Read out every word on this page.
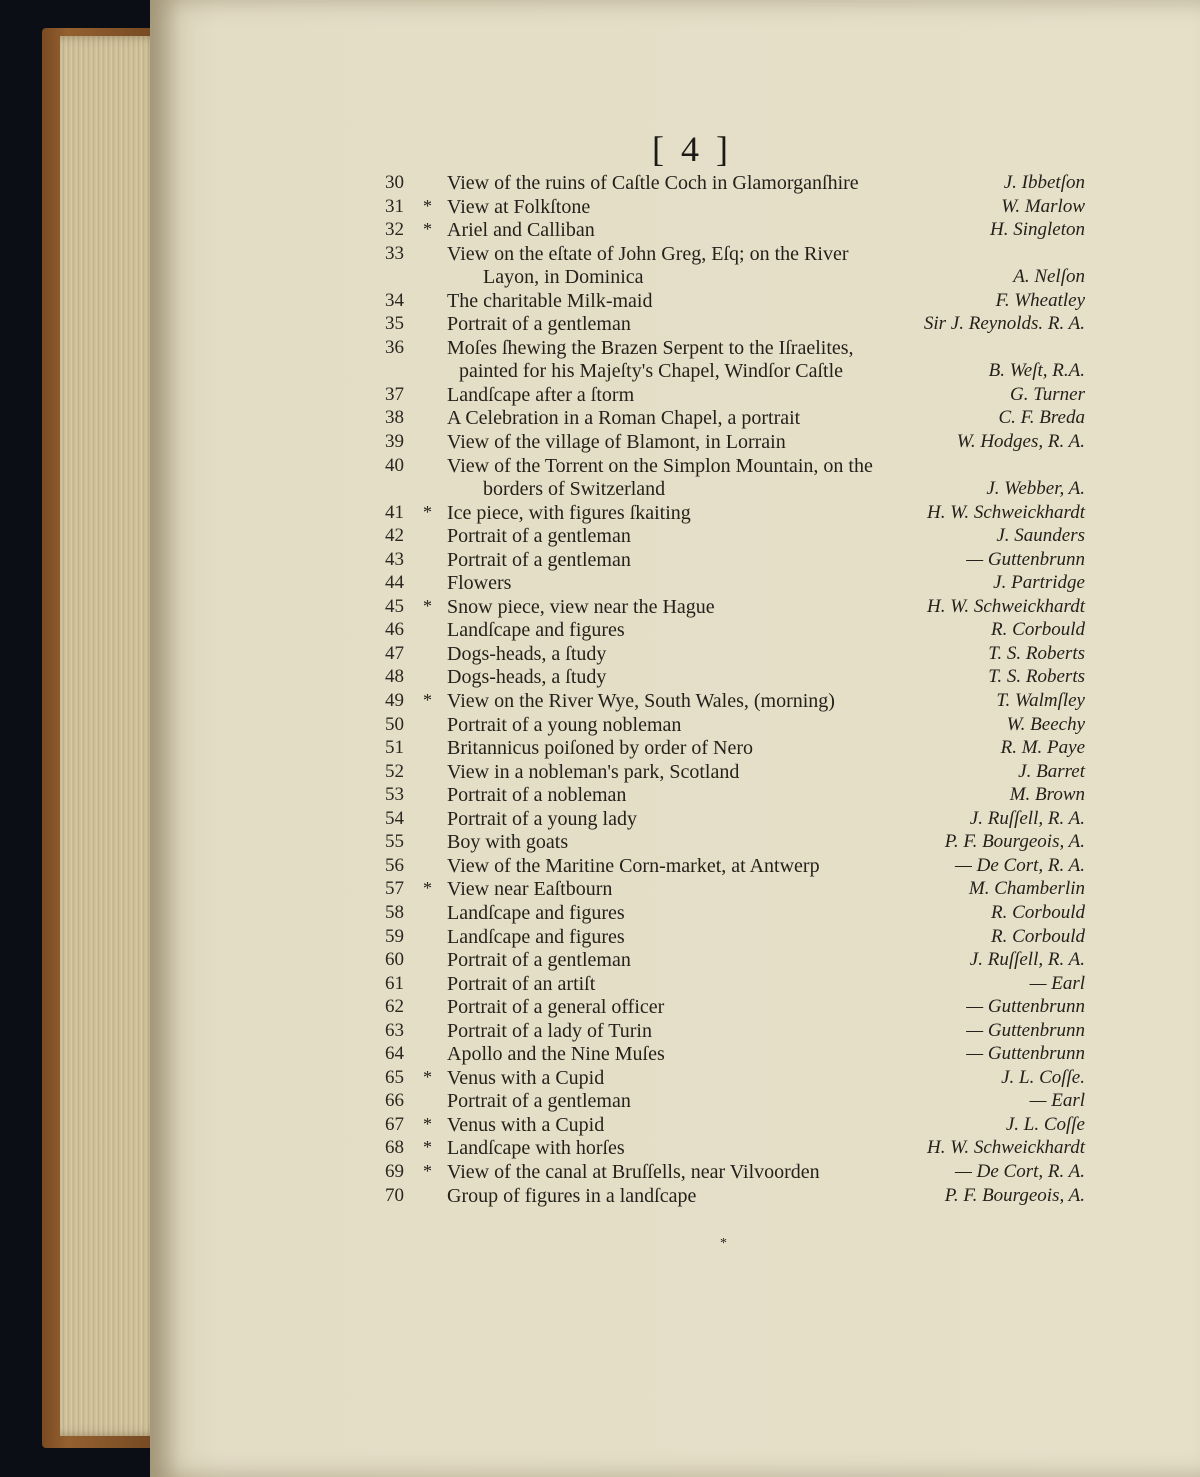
[ 4 ]
30 View of the ruins of Caſtle Coch in Glamorganſhire	J. Ibbetſon
31 * View at Folkſtone	W. Marlow
32 * Ariel and Calliban	H. Singleton
33 View on the eſtate of John Greg, Eſq; on the River
Layon, in Dominica	A. Nelſon
34 The charitable Milk-maid	F. Wheatley
35 Portrait of a gentleman	Sir J. Reynolds. R. A.
36 Moſes ſhewing the Brazen Serpent to the Iſraelites,
painted for his Majeſty's Chapel, Windſor Caſtle	B. Weſt, R.A.
37 Landſcape after a ſtorm	G. Turner
38 A Celebration in a Roman Chapel, a portrait	C. F. Breda
39 View of the village of Blamont, in Lorrain	W. Hodges, R. A.
40 View of the Torrent on the Simplon Mountain, on the
borders of Switzerland	J. Webber, A.
41 * Ice piece, with figures ſkaiting	H. W. Schweickhardt
42 Portrait of a gentleman	J. Saunders
43 Portrait of a gentleman	— Guttenbrunn
44 Flowers	J. Partridge
45 * Snow piece, view near the Hague	H. W. Schweickhardt
46 Landſcape and figures	R. Corbould
47 Dogs-heads, a ſtudy	T. S. Roberts
48 Dogs-heads, a ſtudy	T. S. Roberts
49 * View on the River Wye, South Wales, (morning)	T. Walmſley
50 Portrait of a young nobleman	W. Beechy
51 Britannicus poiſoned by order of Nero	R. M. Paye
52 View in a nobleman's park, Scotland	J. Barret
53 Portrait of a nobleman	M. Brown
54 Portrait of a young lady	J. Ruſſell, R. A.
55 Boy with goats	P. F. Bourgeois, A.
56 View of the Maritine Corn-market, at Antwerp	— De Cort, R. A.
57 * View near Eaſtbourn	M. Chamberlin
58 Landſcape and figures	R. Corbould
59 Landſcape and figures	R. Corbould
60 Portrait of a gentleman	J. Ruſſell, R. A.
61 Portrait of an artiſt	— Earl
62 Portrait of a general officer	— Guttenbrunn
63 Portrait of a lady of Turin	— Guttenbrunn
64 Apollo and the Nine Muſes	— Guttenbrunn
65 * Venus with a Cupid	J. L. Coſſe.
66 Portrait of a gentleman	— Earl
67 * Venus with a Cupid	J. L. Coſſe
68 * Landſcape with horſes	H. W. Schweickhardt
69 * View of the canal at Bruſſells, near Vilvoorden	— De Cort, R. A.
70 Group of figures in a landſcape	P. F. Bourgeois, A.
*
